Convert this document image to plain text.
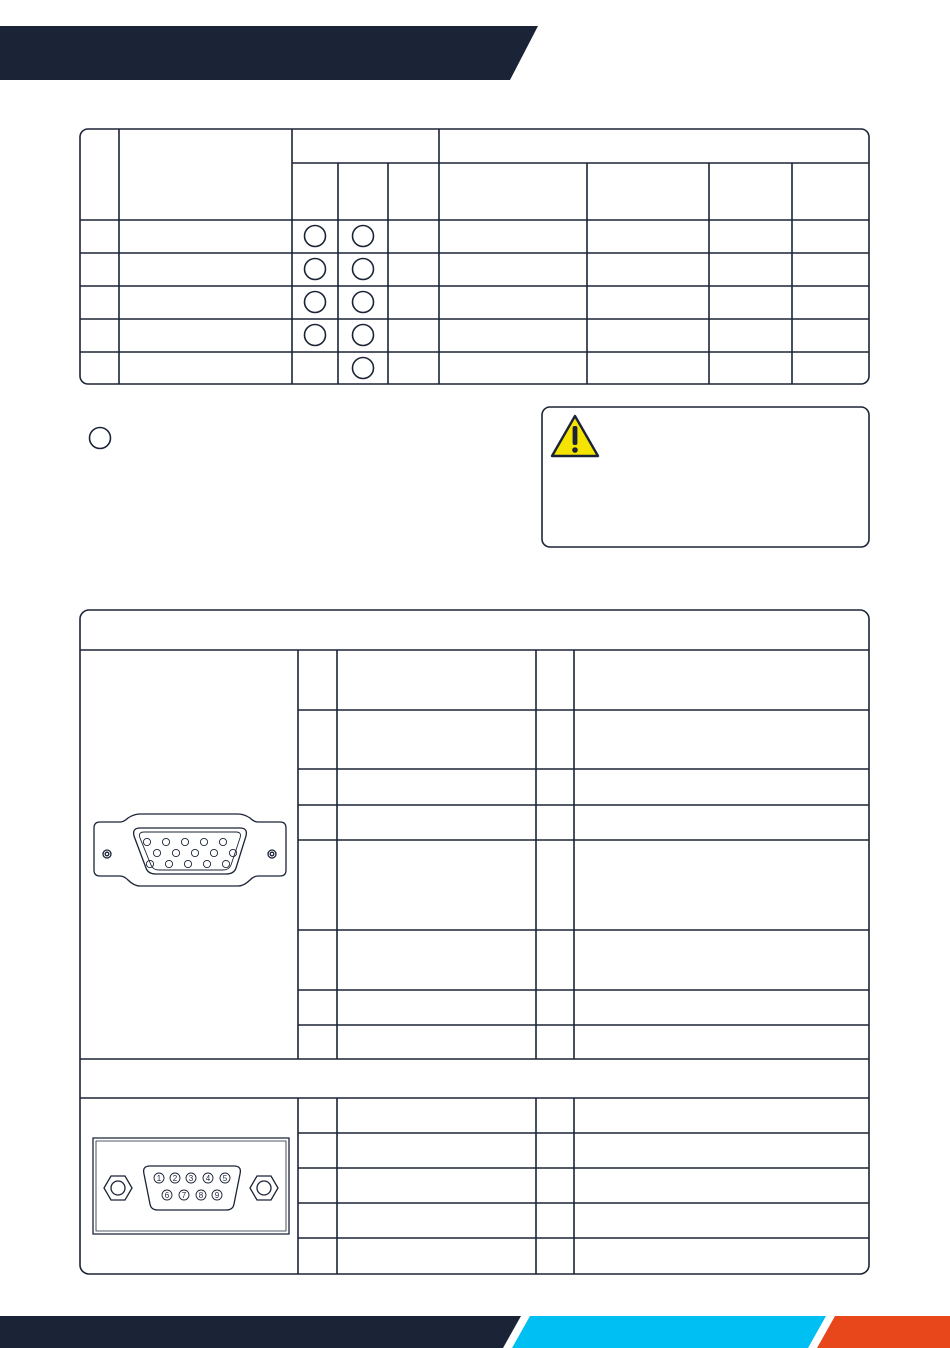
1 2 3 4 5
6 7 8 9
